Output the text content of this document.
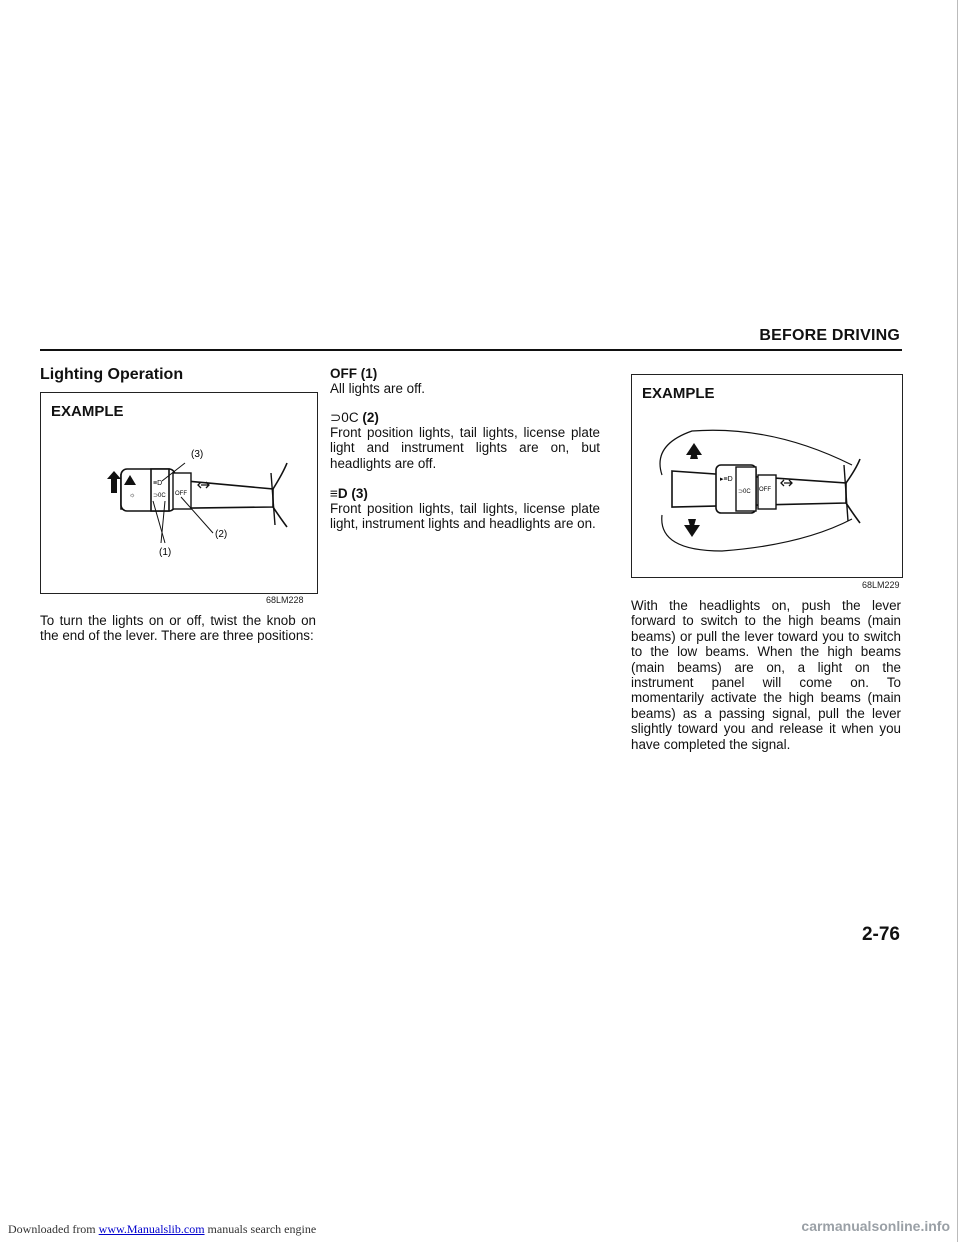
BEFORE DRIVING
Lighting Operation
EXAMPLE
≡D
⊃0C OFF
☼
(3)
(2)
(1)
68LM228

To turn the lights on or off, twist the knob on the end of the lever. There are three positions:

OFF (1)

All lights are off.

⊃0C (2)

Front position lights, tail lights, license plate light and instrument lights are on, but headlights are off.

≡D (3)

Front position lights, tail lights, license plate light, instrument lights and headlights are on.

EXAMPLE
▸≡D
⊃0C OFF
68LM229

With the headlights on, push the lever forward to switch to the high beams (main beams) or pull the lever toward you to switch to the low beams. When the high beams (main beams) are on, a light on the instrument panel will come on. To momentarily activate the high beams (main beams) as a passing signal, pull the lever slightly toward you and release it when you have completed the signal.

2-76
Downloaded from www.Manualslib.com manuals search engine	carmanualsonline.info
